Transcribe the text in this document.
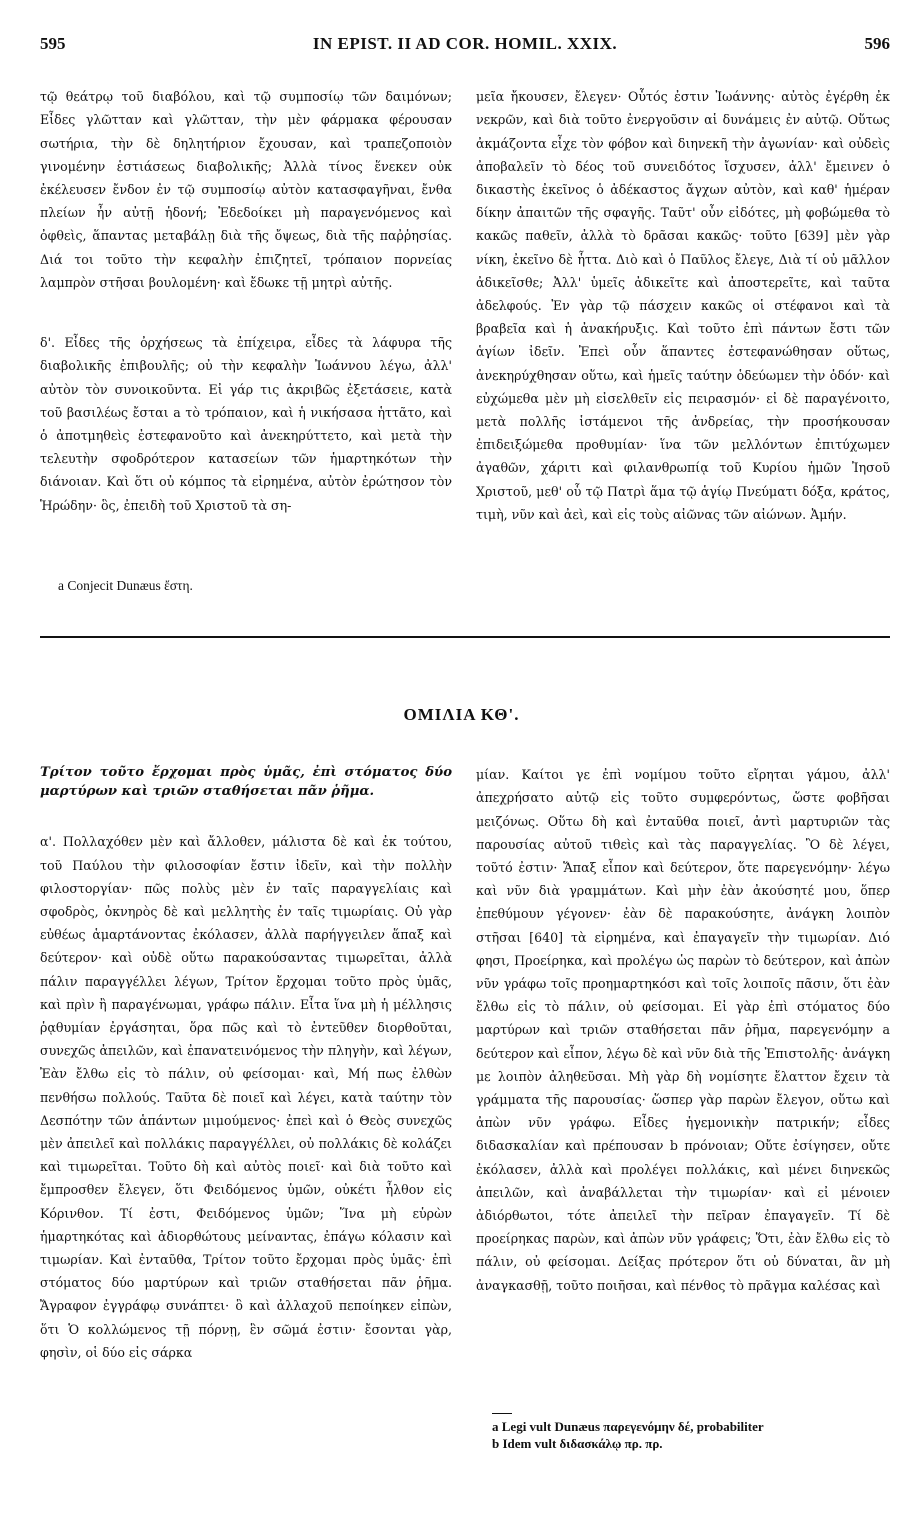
595	IN EPIST. II AD COR. HOMIL. XXIX.	596

τῷ θεάτρῳ τοῦ διαβόλου, καὶ τῷ συμποσίῳ τῶν δαιμόνων; Εἶδες γλῶτταν καὶ γλῶτταν, τὴν μὲν φάρμακα φέρουσαν σωτήρια, τὴν δὲ δηλητήριον ἔχουσαν, καὶ τραπεζοποιὸν γινομένην ἑστιάσεως διαβολικῆς; Ἀλλὰ τίνος ἕνεκεν οὐκ ἐκέλευσεν ἔνδον ἐν τῷ συμποσίῳ αὐτὸν κατασφαγῆναι, ἔνθα πλείων ἦν αὐτῇ ἡδονή; Ἐδεδοίκει μὴ παραγενόμενος καὶ ὀφθεὶς, ἅπαντας μεταβάλῃ διὰ τῆς ὄψεως, διὰ τῆς παῤῥησίας. Διά τοι τοῦτο τὴν κεφαλὴν ἐπιζητεῖ, τρόπαιον πορνείας λαμπρὸν στῆσαι βουλομένη· καὶ ἔδωκε τῇ μητρὶ αὐτῆς.

δ'. Εἶδες τῆς ὀρχήσεως τὰ ἐπίχειρα, εἶδες τὰ λάφυρα τῆς διαβολικῆς ἐπιβουλῆς; οὐ τὴν κεφαλὴν Ἰωάννου λέγω, ἀλλ' αὐτὸν τὸν συνοικοῦντα. Εἰ γάρ τις ἀκριβῶς ἐξετάσειε, κατὰ τοῦ βασιλέως ἔσται a τὸ τρόπαιον, καὶ ἡ νικήσασα ἡττᾶτο, καὶ ὁ ἀποτμηθεὶς ἐστεφανοῦτο καὶ ἀνεκηρύττετο, καὶ μετὰ τὴν τελευτὴν σφοδρότερον κατασείων τῶν ἡμαρτηκότων τὴν διάνοιαν. Καὶ ὅτι οὐ κόμπος τὰ εἰρημένα, αὐτὸν ἐρώτησον τὸν Ἡρώδην· ὃς, ἐπειδὴ τοῦ Χριστοῦ τὰ ση-

a Conjecit Dunæus ἔστη.

μεῖα ἤκουσεν, ἔλεγεν· Οὗτός ἐστιν Ἰωάννης· αὐτὸς ἐγέρθη ἐκ νεκρῶν, καὶ διὰ τοῦτο ἐνεργοῦσιν αἱ δυνάμεις ἐν αὐτῷ. Οὕτως ἀκμάζοντα εἶχε τὸν φόβον καὶ διηνεκῆ τὴν ἀγωνίαν· καὶ οὐδεὶς ἀποβαλεῖν τὸ δέος τοῦ συνειδότος ἴσχυσεν, ἀλλ' ἔμεινεν ὁ δικαστὴς ἐκεῖνος ὁ ἀδέκαστος ἄγχων αὐτὸν, καὶ καθ' ἡμέραν δίκην ἀπαιτῶν τῆς σφαγῆς. Ταῦτ' οὖν εἰδότες, μὴ φοβώμεθα τὸ κακῶς παθεῖν, ἀλλὰ τὸ δρᾶσαι κακῶς· τοῦτο [639] μὲν γὰρ νίκη, ἐκεῖνο δὲ ἧττα. Διὸ καὶ ὁ Παῦλος ἔλεγε, Διὰ τί οὐ μᾶλλον ἀδικεῖσθε; Ἀλλ' ὑμεῖς ἀδικεῖτε καὶ ἀποστερεῖτε, καὶ ταῦτα ἀδελφούς. Ἐν γὰρ τῷ πάσχειν κακῶς οἱ στέφανοι καὶ τὰ βραβεῖα καὶ ἡ ἀνακήρυξις. Καὶ τοῦτο ἐπὶ πάντων ἔστι τῶν ἁγίων ἰδεῖν. Ἐπεὶ οὖν ἅπαντες ἐστεφανώθησαν οὕτως, ἀνεκηρύχθησαν οὕτω, καὶ ἡμεῖς ταύτην ὁδεύωμεν τὴν ὁδόν· καὶ εὐχώμεθα μὲν μὴ εἰσελθεῖν εἰς πειρασμόν· εἰ δὲ παραγένοιτο, μετὰ πολλῆς ἱστάμενοι τῆς ἀνδρείας, τὴν προσήκουσαν ἐπιδειξώμεθα προθυμίαν· ἵνα τῶν μελλόντων ἐπιτύχωμεν ἀγαθῶν, χάριτι καὶ φιλανθρωπίᾳ τοῦ Κυρίου ἡμῶν Ἰησοῦ Χριστοῦ, μεθ' οὗ τῷ Πατρὶ ἅμα τῷ ἁγίῳ Πνεύματι δόξα, κράτος, τιμὴ, νῦν καὶ ἀεὶ, καὶ εἰς τοὺς αἰῶνας τῶν αἰώνων. Ἀμήν.

ΟΜΙΛΙΑ ΚΘ'.

Τρίτον τοῦτο ἔρχομαι πρὸς ὑμᾶς, ἐπὶ στόματος δύο μαρτύρων καὶ τριῶν σταθήσεται πᾶν ῥῆμα.

α'. Πολλαχόθεν μὲν καὶ ἄλλοθεν, μάλιστα δὲ καὶ ἐκ τούτου, τοῦ Παύλου τὴν φιλοσοφίαν ἔστιν ἰδεῖν, καὶ τὴν πολλὴν φιλοστοργίαν· πῶς πολὺς μὲν ἐν ταῖς παραγγελίαις καὶ σφοδρὸς, ὀκνηρὸς δὲ καὶ μελλητὴς ἐν ταῖς τιμωρίαις. Οὐ γὰρ εὐθέως ἁμαρτάνοντας ἐκόλασεν, ἀλλὰ παρήγγειλεν ἅπαξ καὶ δεύτερον· καὶ οὐδὲ οὕτω παρακούσαντας τιμωρεῖται, ἀλλὰ πάλιν παραγγέλλει λέγων, Τρίτον ἔρχομαι τοῦτο πρὸς ὑμᾶς, καὶ πρὶν ἢ παραγένωμαι, γράφω πάλιν. Εἶτα ἵνα μὴ ἡ μέλλησις ῥᾳθυμίαν ἐργάσηται, ὅρα πῶς καὶ τὸ ἐντεῦθεν διορθοῦται, συνεχῶς ἀπειλῶν, καὶ ἐπανατεινόμενος τὴν πληγὴν, καὶ λέγων, Ἐὰν ἔλθω εἰς τὸ πάλιν, οὐ φείσομαι· καὶ, Μή πως ἐλθὼν πενθήσω πολλούς. Ταῦτα δὲ ποιεῖ καὶ λέγει, κατὰ ταύτην τὸν Δεσπότην τῶν ἁπάντων μιμούμενος· ἐπεὶ καὶ ὁ Θεὸς συνεχῶς μὲν ἀπειλεῖ καὶ πολλάκις παραγγέλλει, οὐ πολλάκις δὲ κολάζει καὶ τιμωρεῖται. Τοῦτο δὴ καὶ αὐτὸς ποιεῖ· καὶ διὰ τοῦτο καὶ ἔμπροσθεν ἔλεγεν, ὅτι Φειδόμενος ὑμῶν, οὐκέτι ἦλθον εἰς Κόρινθον. Τί ἐστι, Φειδόμενος ὑμῶν; Ἵνα μὴ εὑρὼν ἡμαρτηκότας καὶ ἀδιορθώτους μείναντας, ἐπάγω κόλασιν καὶ τιμωρίαν. Καὶ ἐνταῦθα, Τρίτον τοῦτο ἔρχομαι πρὸς ὑμᾶς· ἐπὶ στόματος δύο μαρτύρων καὶ τριῶν σταθήσεται πᾶν ῥῆμα. Ἄγραφον ἐγγράφῳ συνάπτει· ὃ καὶ ἀλλαχοῦ πεποίηκεν εἰπὼν, ὅτι Ὁ κολλώμενος τῇ πόρνῃ, ἓν σῶμά ἐστιν· ἔσονται γὰρ, φησὶν, οἱ δύο εἰς σάρκα

μίαν. Καίτοι γε ἐπὶ νομίμου τοῦτο εἴρηται γάμου, ἀλλ' ἀπεχρήσατο αὐτῷ εἰς τοῦτο συμφερόντως, ὥστε φοβῆσαι μειζόνως. Οὕτω δὴ καὶ ἐνταῦθα ποιεῖ, ἀντὶ μαρτυριῶν τὰς παρουσίας αὐτοῦ τιθεὶς καὶ τὰς παραγγελίας. Ὃ δὲ λέγει, τοῦτό ἐστιν· Ἅπαξ εἶπον καὶ δεύτερον, ὅτε παρεγενόμην· λέγω καὶ νῦν διὰ γραμμάτων. Καὶ μὴν ἐὰν ἀκούσητέ μου, ὅπερ ἐπεθύμουν γέγονεν· ἐὰν δὲ παρακούσητε, ἀνάγκη λοιπὸν στῆσαι [640] τὰ εἰρημένα, καὶ ἐπαγαγεῖν τὴν τιμωρίαν. Διό φησι, Προείρηκα, καὶ προλέγω ὡς παρὼν τὸ δεύτερον, καὶ ἀπὼν νῦν γράφω τοῖς προημαρτηκόσι καὶ τοῖς λοιποῖς πᾶσιν, ὅτι ἐὰν ἔλθω εἰς τὸ πάλιν, οὐ φείσομαι. Εἰ γὰρ ἐπὶ στόματος δύο μαρτύρων καὶ τριῶν σταθήσεται πᾶν ῥῆμα, παρεγενόμην a δεύτερον καὶ εἶπον, λέγω δὲ καὶ νῦν διὰ τῆς Ἐπιστολῆς· ἀνάγκη με λοιπὸν ἀληθεῦσαι. Μὴ γὰρ δὴ νομίσητε ἔλαττον ἔχειν τὰ γράμματα τῆς παρουσίας· ὥσπερ γὰρ παρὼν ἔλεγον, οὕτω καὶ ἀπὼν νῦν γράφω. Εἶδες ἡγεμονικὴν πατρικήν; εἶδες διδασκαλίαν καὶ πρέπουσαν b πρόνοιαν; Οὔτε ἐσίγησεν, οὔτε ἐκόλασεν, ἀλλὰ καὶ προλέγει πολλάκις, καὶ μένει διηνεκῶς ἀπειλῶν, καὶ ἀναβάλλεται τὴν τιμωρίαν· καὶ εἰ μένοιεν ἀδιόρθωτοι, τότε ἀπειλεῖ τὴν πεῖραν ἐπαγαγεῖν. Τί δὲ προείρηκας παρὼν, καὶ ἀπὼν νῦν γράφεις; Ὅτι, ἐὰν ἔλθω εἰς τὸ πάλιν, οὐ φείσομαι. Δείξας πρότερον ὅτι οὐ δύναται, ἂν μὴ ἀναγκασθῇ, τοῦτο ποιῆσαι, καὶ πένθος τὸ πρᾶγμα καλέσας καὶ

a Legi vult Dunæus παρεγενόμην δέ, probabiliter
b Idem vult διδασκάλῳ πρ. πρ.
